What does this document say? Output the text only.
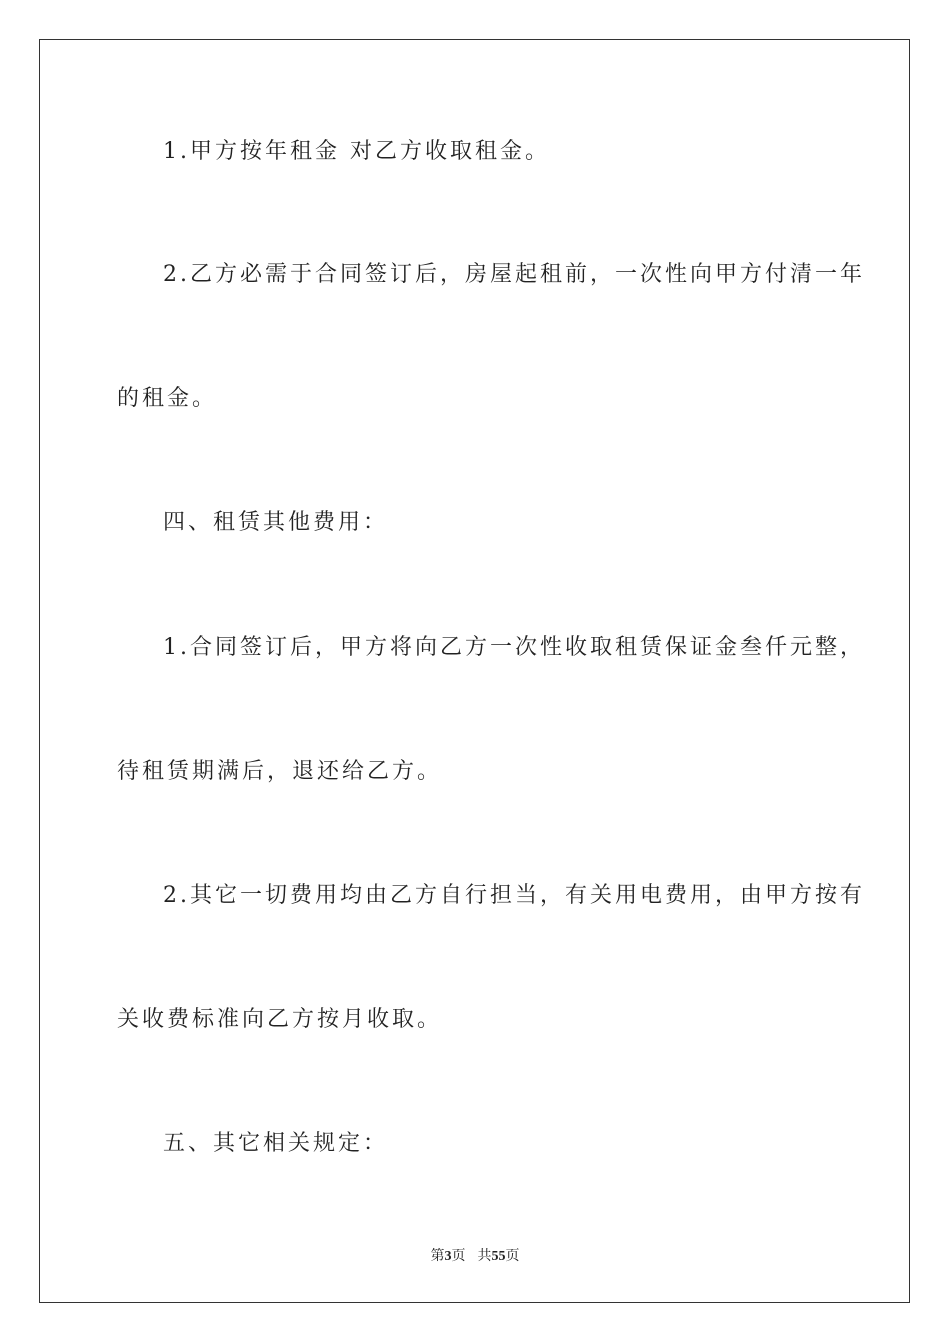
1.甲方按年租金 对乙方收取租金。
2.乙方必需于合同签订后，房屋起租前，一次性向甲方付清一年
的租金。
四、租赁其他费用：
1.合同签订后，甲方将向乙方一次性收取租赁保证金叁仟元整，
待租赁期满后，退还给乙方。
2.其它一切费用均由乙方自行担当，有关用电费用，由甲方按有
关收费标准向乙方按月收取。
五、其它相关规定：
第3页 共55页
